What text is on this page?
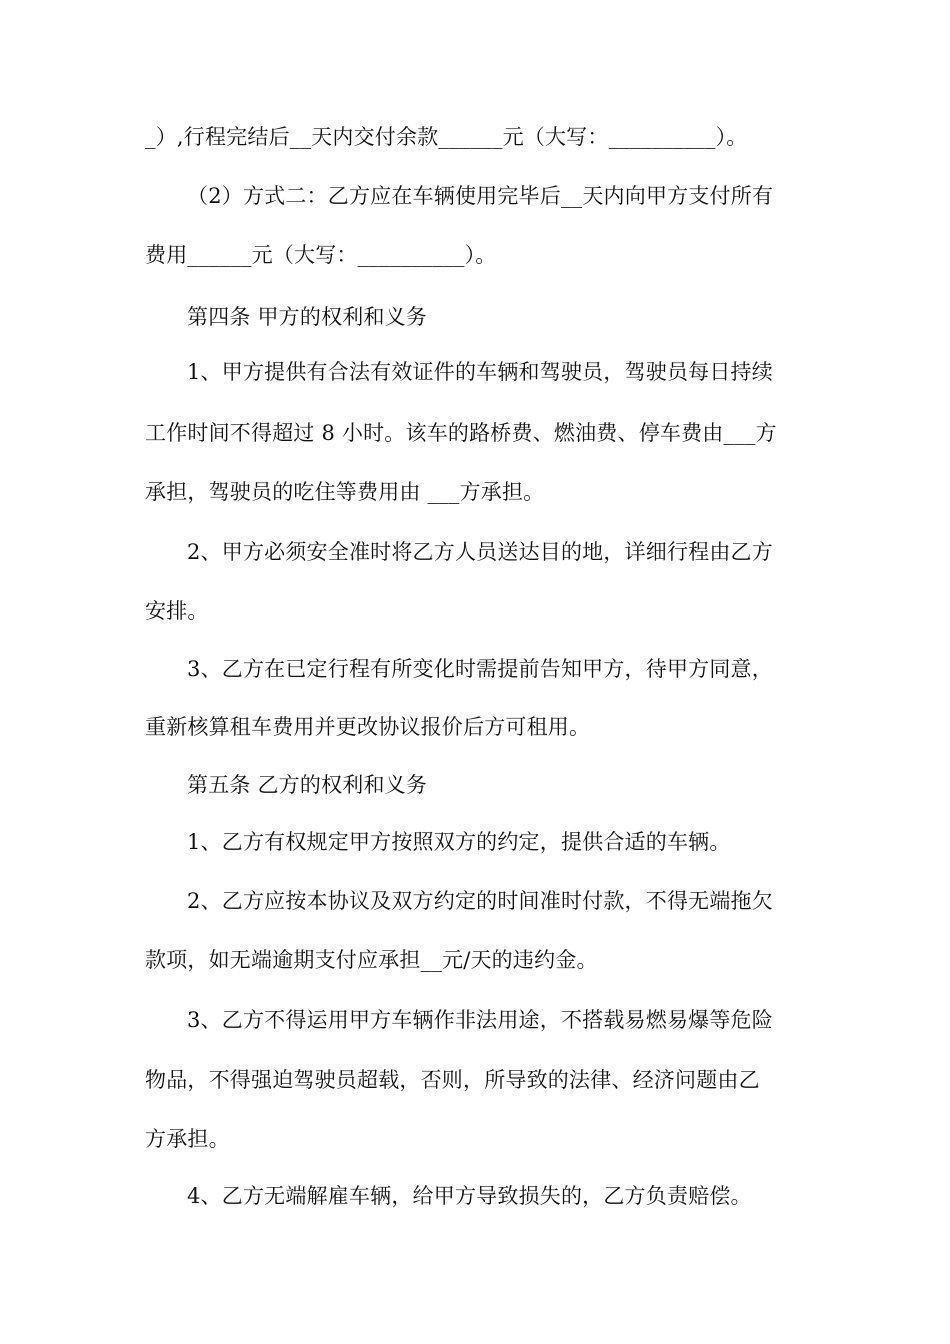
_）,行程完结后__天内交付余款______元（大写：__________）。
（2）方式二：乙方应在车辆使用完毕后__天内向甲方支付所有
费用______元（大写：__________）。
第四条 甲方的权利和义务
1、甲方提供有合法有效证件的车辆和驾驶员，驾驶员每日持续
工作时间不得超过 8 小时。该车的路桥费、燃油费、停车费由___方
承担，驾驶员的吃住等费用由 ___方承担。
2、甲方必须安全准时将乙方人员送达目的地，详细行程由乙方
安排。
3、乙方在已定行程有所变化时需提前告知甲方，待甲方同意，
重新核算租车费用并更改协议报价后方可租用。
第五条 乙方的权利和义务
1、乙方有权规定甲方按照双方的约定，提供合适的车辆。
2、乙方应按本协议及双方约定的时间准时付款，不得无端拖欠
款项，如无端逾期支付应承担__元/天的违约金。
3、乙方不得运用甲方车辆作非法用途，不搭载易燃易爆等危险
物品，不得强迫驾驶员超载，否则，所导致的法律、经济问题由乙
方承担。
4、乙方无端解雇车辆，给甲方导致损失的，乙方负责赔偿。
